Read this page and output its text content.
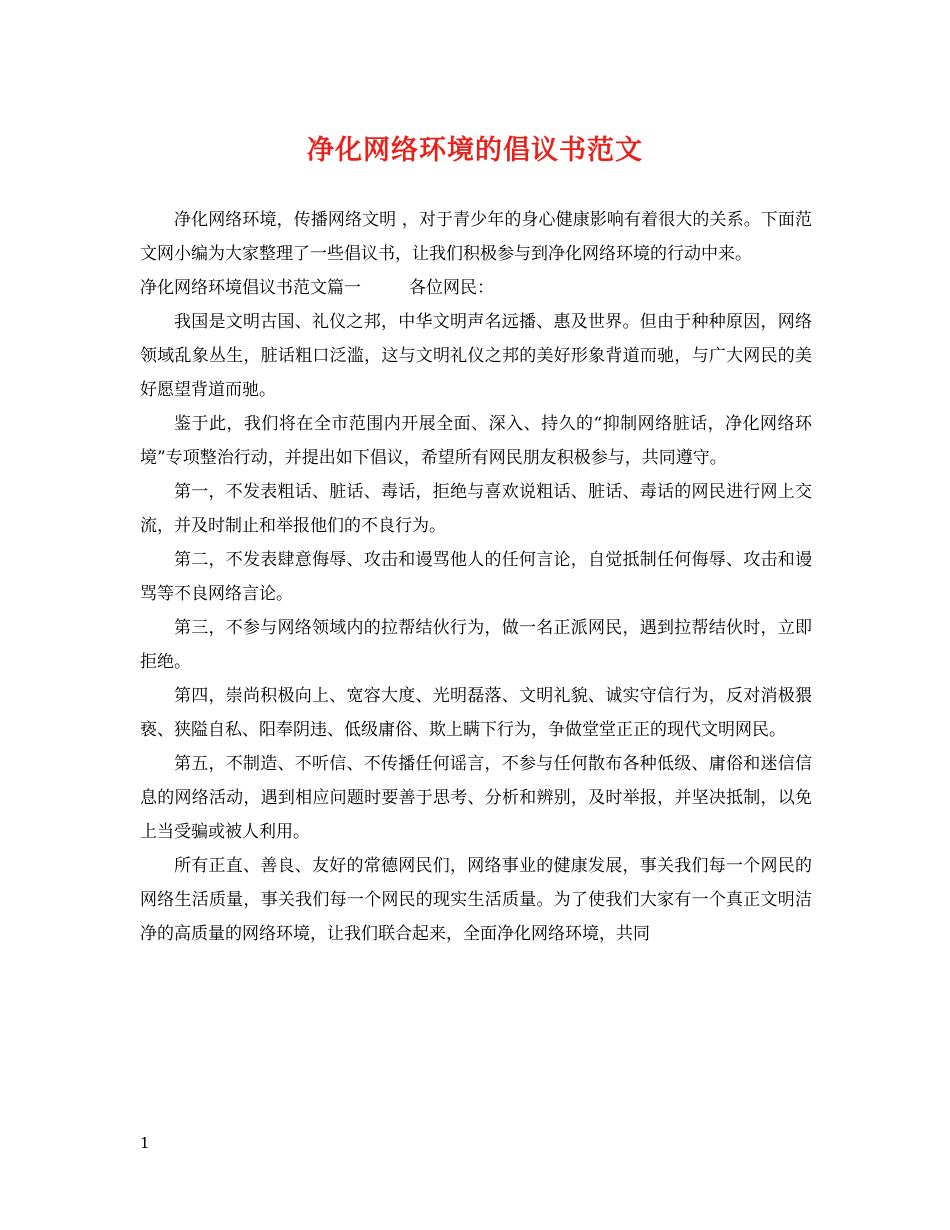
净化网络环境的倡议书范文

净化网络环境，传播网络文明 ，对于青少年的身心健康影响有着很大的关系。下面范文网小编为大家整理了一些倡议书，让我们积极参与到净化网络环境的行动中来。

净化网络环境倡议书范文篇一	各位网民：

我国是文明古国、礼仪之邦，中华文明声名远播、惠及世界。但由于种种原因，网络领域乱象丛生，脏话粗口泛滥，这与文明礼仪之邦的美好形象背道而驰，与广大网民的美好愿望背道而驰。

鉴于此，我们将在全市范围内开展全面、深入、持久的“抑制网络脏话，净化网络环境”专项整治行动，并提出如下倡议，希望所有网民朋友积极参与，共同遵守。

第一，不发表粗话、脏话、毒话，拒绝与喜欢说粗话、脏话、毒话的网民进行网上交流，并及时制止和举报他们的不良行为。

第二，不发表肆意侮辱、攻击和谩骂他人的任何言论，自觉抵制任何侮辱、攻击和谩骂等不良网络言论。

第三，不参与网络领域内的拉帮结伙行为，做一名正派网民，遇到拉帮结伙时，立即拒绝。

第四，崇尚积极向上、宽容大度、光明磊落、文明礼貌、诚实守信行为，反对消极猥亵、狭隘自私、阳奉阴违、低级庸俗、欺上瞒下行为，争做堂堂正正的现代文明网民。

第五，不制造、不听信、不传播任何谣言，不参与任何散布各种低级、庸俗和迷信信息的网络活动，遇到相应问题时要善于思考、分析和辨别，及时举报，并坚决抵制，以免上当受骗或被人利用。

所有正直、善良、友好的常德网民们，网络事业的健康发展，事关我们每一个网民的网络生活质量，事关我们每一个网民的现实生活质量。为了使我们大家有一个真正文明洁净的高质量的网络环境，让我们联合起来，全面净化网络环境，共同

1
